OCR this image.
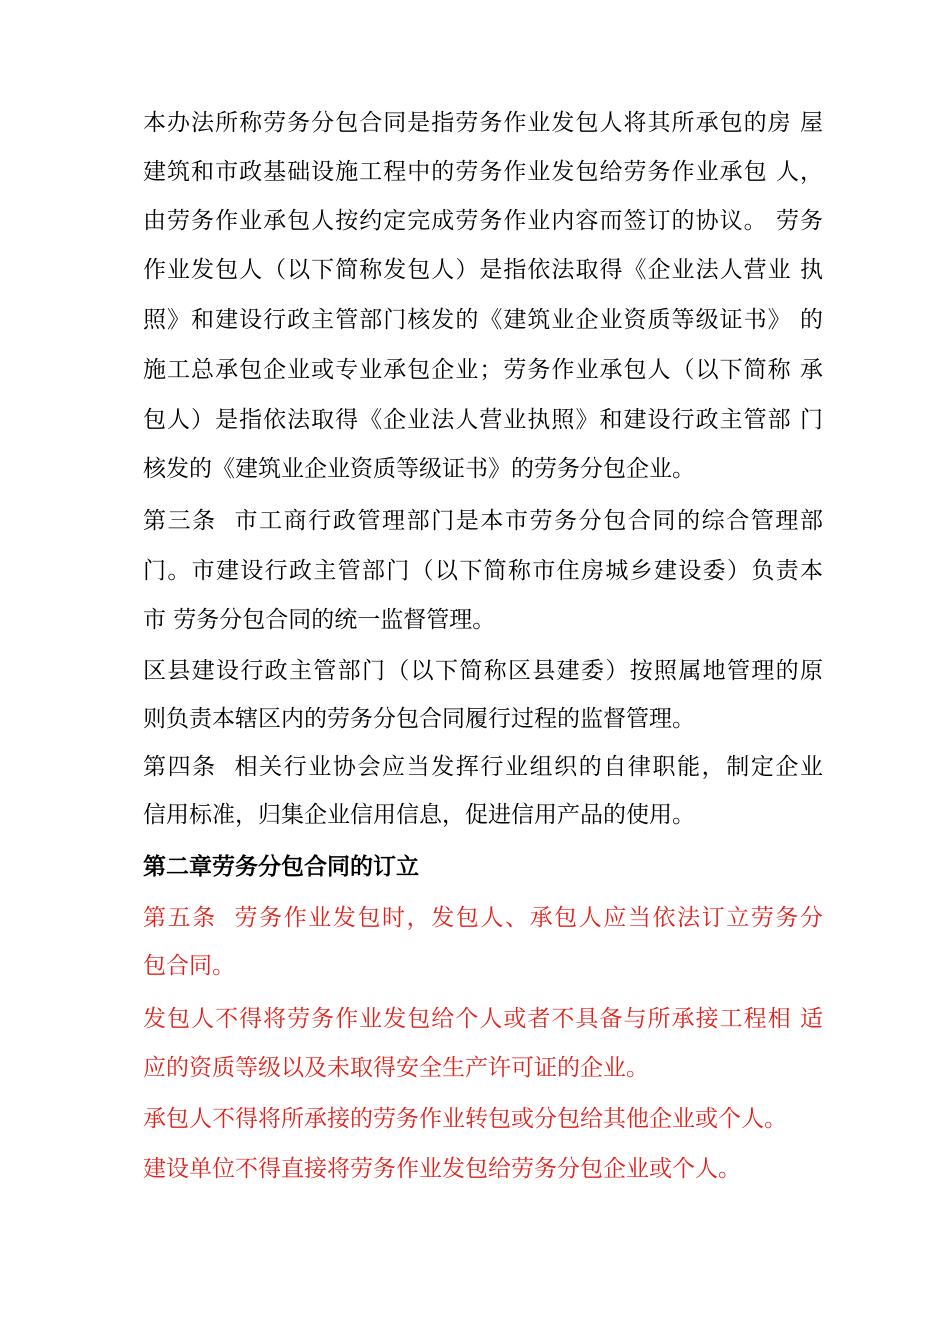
本办法所称劳务分包合同是指劳务作业发包人将其所承包的房 屋
建筑和市政基础设施工程中的劳务作业发包给劳务作业承包 人，
由劳务作业承包人按约定完成劳务作业内容而签订的协议。 劳务
作业发包人（以下简称发包人）是指依法取得《企业法人营业 执
照》和建设行政主管部门核发的《建筑业企业资质等级证书》 的
施工总承包企业或专业承包企业；劳务作业承包人（以下简称 承
包人）是指依法取得《企业法人营业执照》和建设行政主管部 门
核发的《建筑业企业资质等级证书》的劳务分包企业。
第三条  市工商行政管理部门是本市劳务分包合同的综合管理部
门。市建设行政主管部门（以下简称市住房城乡建设委）负责本
市 劳务分包合同的统一监督管理。
区县建设行政主管部门（以下简称区县建委）按照属地管理的原
则负责本辖区内的劳务分包合同履行过程的监督管理。
第四条  相关行业协会应当发挥行业组织的自律职能，制定企业
信用标准，归集企业信用信息，促进信用产品的使用。
第二章劳务分包合同的订立
第五条  劳务作业发包时，发包人、承包人应当依法订立劳务分
包合同。
发包人不得将劳务作业发包给个人或者不具备与所承接工程相 适
应的资质等级以及未取得安全生产许可证的企业。
承包人不得将所承接的劳务作业转包或分包给其他企业或个人。
建设单位不得直接将劳务作业发包给劳务分包企业或个人。
